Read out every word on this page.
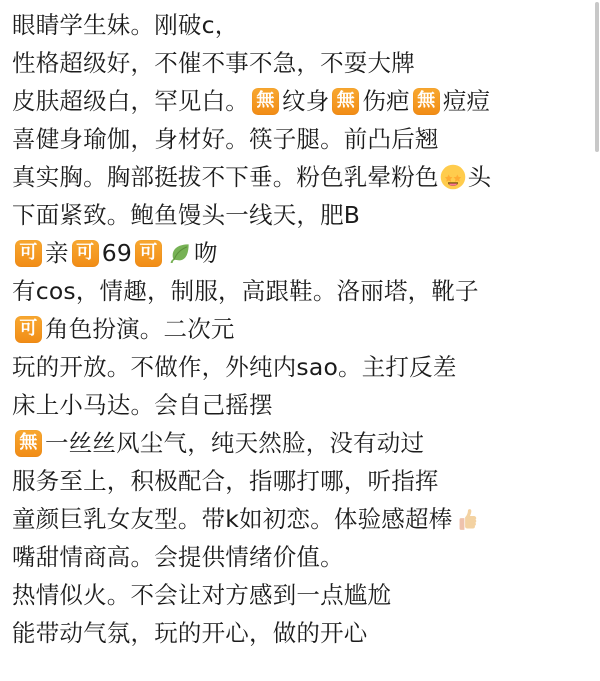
眼睛学生妹。刚破c，
性格超级好，不催不事不急，不耍大牌
皮肤超级白，罕见白。 無 纹身 無 伤疤 無 痘痘
喜健身瑜伽，身材好。筷子腿。前凸后翘
真实胸。胸部挺拔不下垂。粉色乳晕粉色 头
下面紧致。鲍鱼馒头一线天，肥B
可 亲 可 69 可 吻
有cos，情趣，制服，高跟鞋。洛丽塔，靴子
可 角色扮演。二次元
玩的开放。不做作，外纯内sao。主打反差
床上小马达。会自己摇摆
無 一丝丝风尘气，纯天然脸，没有动过
服务至上，积极配合，指哪打哪，听指挥
童颜巨乳女友型。带k如初恋。体验感超棒
嘴甜情商高。会提供情绪价值。
热情似火。不会让对方感到一点尴尬
能带动气氛，玩的开心，做的开心
